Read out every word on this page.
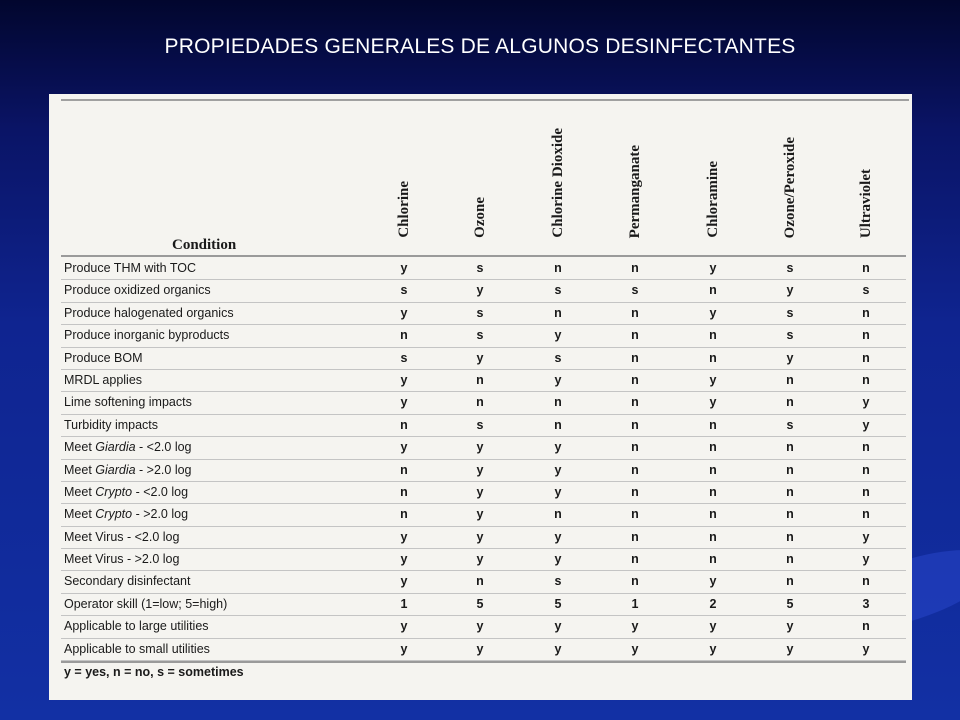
PROPIEDADES GENERALES DE ALGUNOS DESINFECTANTES
Condition
Chlorine	Ozone	Chlorine Dioxide	Permanganate	Chloramine	Ozone/Peroxide	Ultraviolet
Produce THM with TOC	y	s	n	n	y	s	n
Produce oxidized organics	s	y	s	s	n	y	s
Produce halogenated organics	y	s	n	n	y	s	n
Produce inorganic byproducts	n	s	y	n	n	s	n
Produce BOM	s	y	s	n	n	y	n
MRDL applies	y	n	y	n	y	n	n
Lime softening impacts	y	n	n	n	y	n	y
Turbidity impacts	n	s	n	n	n	s	y
Meet Giardia - <2.0 log	y	y	y	n	n	n	n
Meet Giardia - >2.0 log	n	y	y	n	n	n	n
Meet Crypto - <2.0 log	n	y	y	n	n	n	n
Meet Crypto - >2.0 log	n	y	n	n	n	n	n
Meet Virus - <2.0 log	y	y	y	n	n	n	y
Meet Virus - >2.0 log	y	y	y	n	n	n	y
Secondary disinfectant	y	n	s	n	y	n	n
Operator skill (1=low; 5=high)	1	5	5	1	2	5	3
Applicable to large utilities	y	y	y	y	y	y	n
Applicable to small utilities	y	y	y	y	y	y	y
y = yes, n = no, s = sometimes
